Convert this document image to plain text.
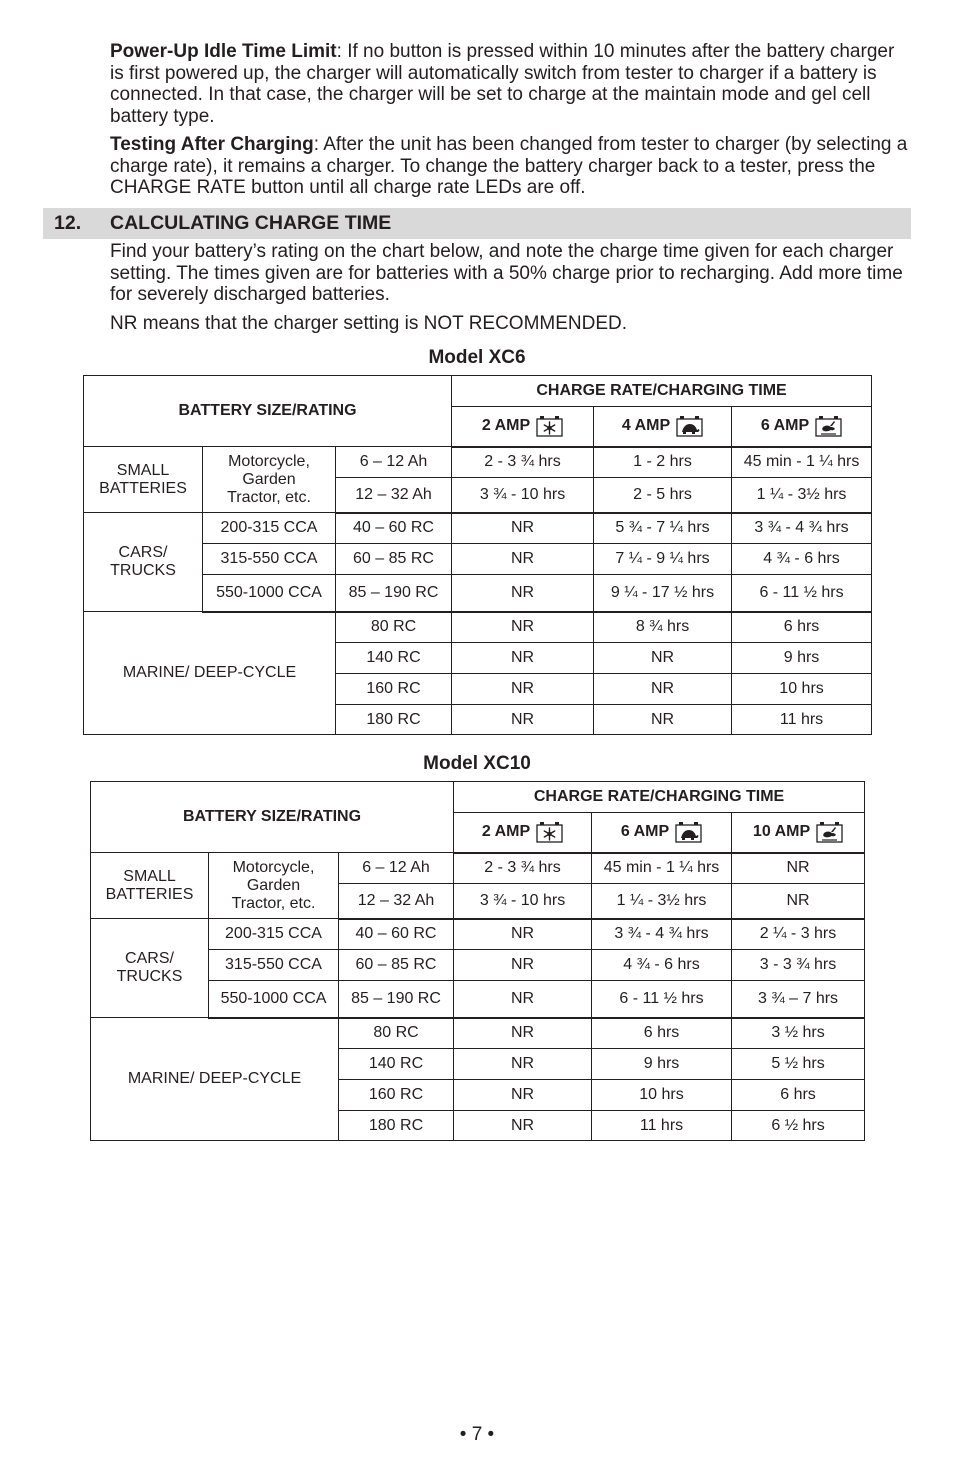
Power-Up Idle Time Limit: If no button is pressed within 10 minutes after the battery charger is first powered up, the charger will automatically switch from tester to charger if a battery is connected. In that case, the charger will be set to charge at the maintain mode and gel cell battery type.

Testing After Charging: After the unit has been changed from tester to charger (by selecting a charge rate), it remains a charger. To change the battery charger back to a tester, press the CHARGE RATE button until all charge rate LEDs are off.

12. CALCULATING CHARGE TIME

Find your battery’s rating on the chart below, and note the charge time given for each charger setting. The times given are for batteries with a 50% charge prior to recharging. Add more time for severely discharged batteries.

NR means that the charger setting is NOT RECOMMENDED.

Model XC6
BATTERY SIZE/RATING			CHARGE RATE/CHARGING TIME		

			2 AMP	4 AMP	6 AMP

SMALL BATTERIES	Motorcycle, Garden Tractor, etc.	6 – 12 Ah	2 - 3 ¾ hrs	1 - 2 hrs	45 min - 1 ¼ hrs
		12 – 32 Ah	3 ¾ - 10 hrs	2 - 5 hrs	1 ¼ - 3½ hrs
CARS/ TRUCKS	200-315 CCA	40 – 60 RC	NR	5 ¾ - 7 ¼ hrs	3 ¾ - 4 ¾ hrs
	315-550 CCA	60 – 85 RC	NR	7 ¼ - 9 ¼ hrs	4 ¾ - 6 hrs
	550-1000 CCA	85 – 190 RC	NR	9 ¼ - 17 ½ hrs	6 - 11 ½ hrs
MARINE/ DEEP-CYCLE		80 RC	NR	8 ¾ hrs	6 hrs
		140 RC	NR	NR	9 hrs
		160 RC	NR	NR	10 hrs
		180 RC	NR	NR	11 hrs
Model XC10
BATTERY SIZE/RATING			CHARGE RATE/CHARGING TIME		

			2 AMP	6 AMP	10 AMP

SMALL BATTERIES	Motorcycle, Garden Tractor, etc.	6 – 12 Ah	2 - 3 ¾ hrs	45 min - 1 ¼ hrs	NR
		12 – 32 Ah	3 ¾ - 10 hrs	1 ¼ - 3½ hrs	NR
CARS/ TRUCKS	200-315 CCA	40 – 60 RC	NR	3 ¾ - 4 ¾ hrs	2 ¼ - 3 hrs
	315-550 CCA	60 – 85 RC	NR	4 ¾ - 6 hrs	3 - 3 ¾ hrs
	550-1000 CCA	85 – 190 RC	NR	6 - 11 ½ hrs	3 ¾ – 7 hrs
MARINE/ DEEP-CYCLE		80 RC	NR	6 hrs	3 ½ hrs
		140 RC	NR	9 hrs	5 ½ hrs
		160 RC	NR	10 hrs	6 hrs
		180 RC	NR	11 hrs	6 ½ hrs
• 7 •
